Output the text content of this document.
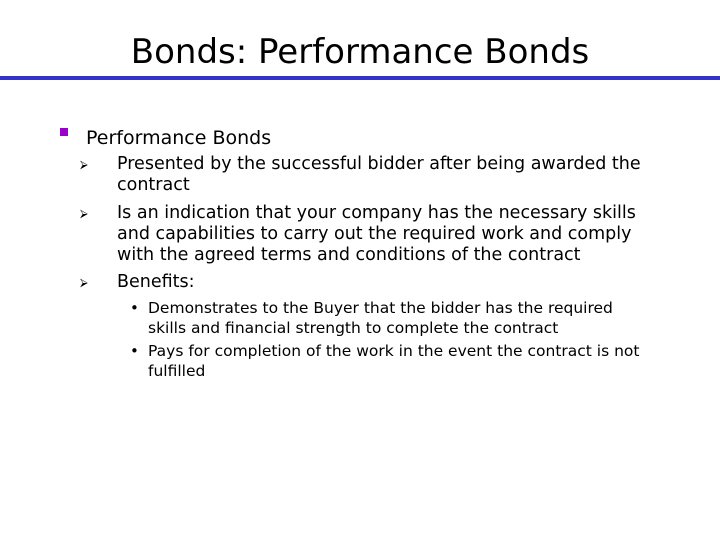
Bonds: Performance Bonds
Performance Bonds
⮚	Presented by the successful bidder after being awarded the
contract
⮚	Is an indication that your company has the necessary skills
and capabilities to carry out the required work and comply
with the agreed terms and conditions of the contract
⮚	Benefits:
• Demonstrates to the Buyer that the bidder has the required
skills and financial strength to complete the contract
• Pays for completion of the work in the event the contract is not
fulfilled
